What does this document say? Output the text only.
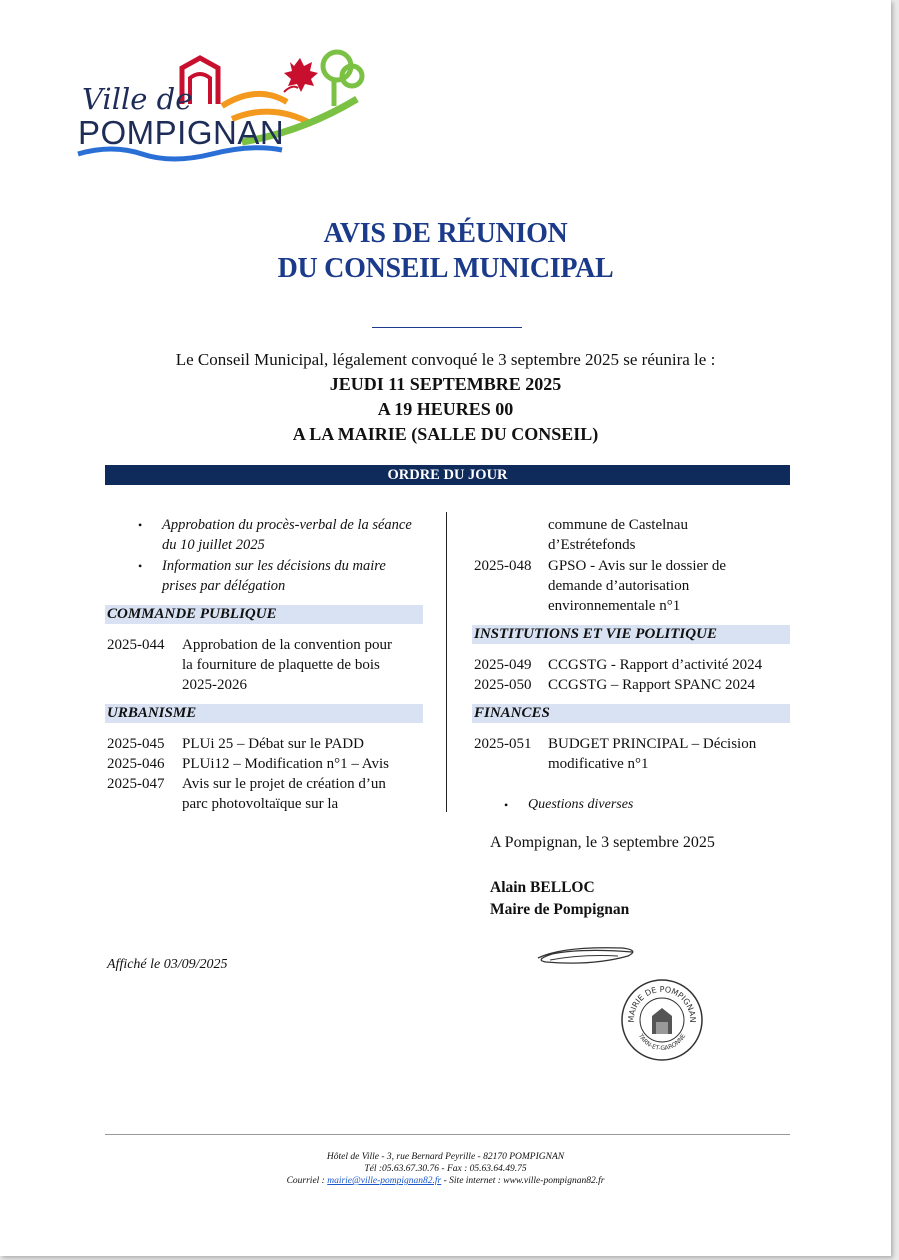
Ville de
POMPIGNAN
AVIS DE RÉUNION
DU CONSEIL MUNICIPAL
Le Conseil Municipal, légalement convoqué le 3 septembre 2025 se réunira le :
JEUDI 11 SEPTEMBRE 2025
A 19 HEURES 00
A LA MAIRIE (SALLE DU CONSEIL)
ORDRE DU JOUR
• Approbation du procès-verbal de la séance
du 10 juillet 2025
• Information sur les décisions du maire
prises par délégation
COMMANDE PUBLIQUE
2025-044 Approbation de la convention pour
la fourniture de plaquette de bois
2025-2026
URBANISME
2025-045 PLUi 25 – Débat sur le PADD
2025-046 PLUi12 – Modification n°1 – Avis
2025-047 Avis sur le projet de création d’un
parc photovoltaïque sur la
commune de Castelnau
d’Estrétefonds
2025-048 GPSO - Avis sur le dossier de
demande d’autorisation
environnementale n°1
INSTITUTIONS ET VIE POLITIQUE
2025-049 CCGSTG - Rapport d’activité 2024
2025-050 CCGSTG – Rapport SPANC 2024
FINANCES
2025-051 BUDGET PRINCIPAL – Décision
modificative n°1
• Questions diverses
A Pompignan, le 3 septembre 2025
Alain BELLOC
Maire de Pompignan
MAIRIE DE POMPIGNAN
TARN-ET-GARONNE
Affiché le 03/09/2025
Hôtel de Ville - 3, rue Bernard Peyrille - 82170 POMPIGNAN
Tél :05.63.67.30.76 - Fax : 05.63.64.49.75
Courriel : mairie@ville-pompignan82.fr - Site internet : www.ville-pompignan82.fr
